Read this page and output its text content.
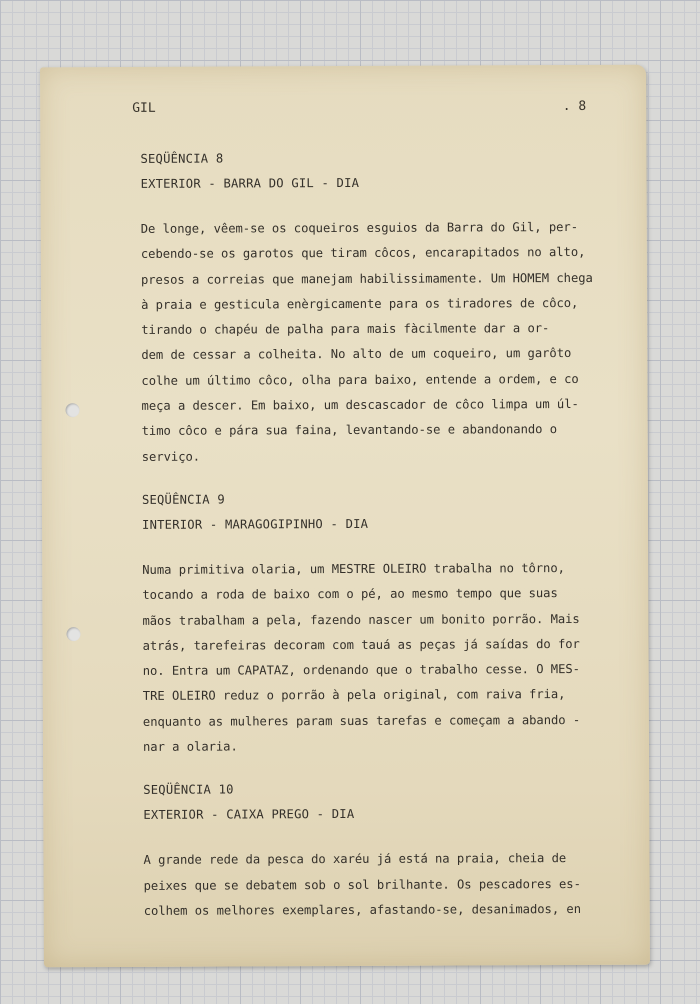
GIL	. 8
SEQÜÊNCIA 8
EXTERIOR - BARRA DO GIL - DIA

De longe, vêem-se os coqueiros esguios da Barra do Gil, per-

cebendo-se os garotos que tiram côcos, encarapitados no alto,

presos a correias que manejam habilissimamente. Um HOMEM chega

à praia e gesticula enèrgicamente para os tiradores de côco,

tirando o chapéu de palha para mais fàcilmente dar a or-

dem de cessar a colheita. No alto de um coqueiro, um garôto

colhe um último côco, olha para baixo, entende a ordem, e co

meça a descer. Em baixo, um descascador de côco limpa um úl-

timo côco e pára sua faina, levantando-se e abandonando o

serviço.

SEQÜÊNCIA 9
INTERIOR - MARAGOGIPINHO - DIA

Numa primitiva olaria, um MESTRE OLEIRO trabalha no tôrno,

tocando a roda de baixo com o pé, ao mesmo tempo que suas

mãos trabalham a pela, fazendo nascer um bonito porrão. Mais

atrás, tarefeiras decoram com tauá as peças já saídas do for

no. Entra um CAPATAZ, ordenando que o trabalho cesse. O MES-

TRE OLEIRO reduz o porrão à pela original, com raiva fria,

enquanto as mulheres param suas tarefas e começam a abando -

nar a olaria.

SEQÜÊNCIA 10
EXTERIOR - CAIXA PREGO - DIA

A grande rede da pesca do xaréu já está na praia, cheia de

peixes que se debatem sob o sol brilhante. Os pescadores es-

colhem os melhores exemplares, afastando-se, desanimados, en
